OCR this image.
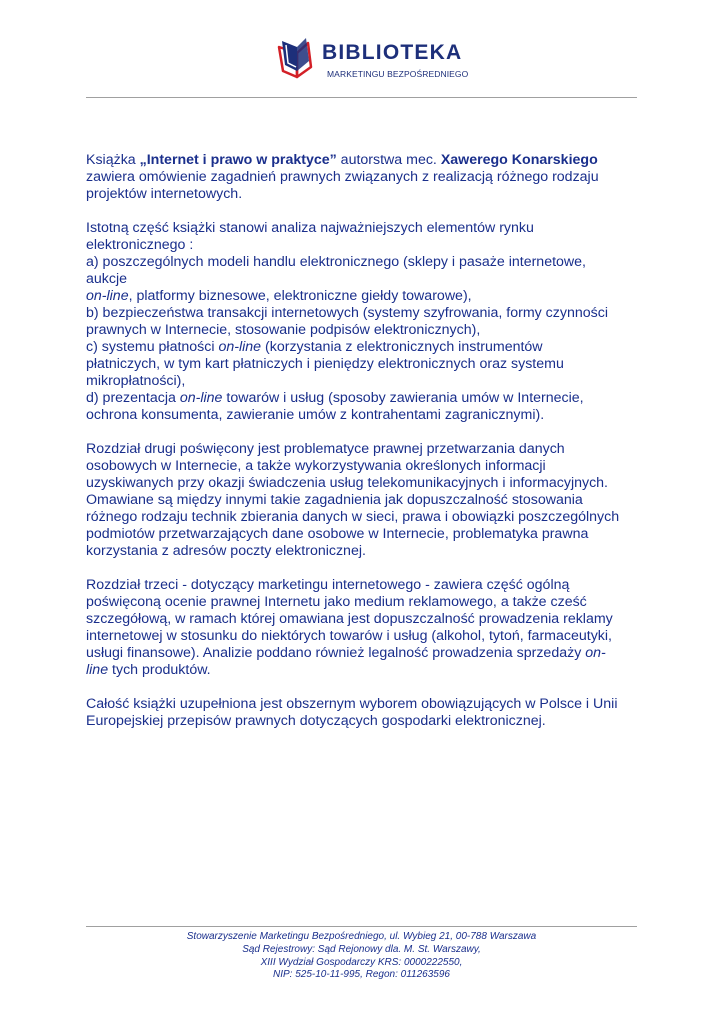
BIBLIOTEKA
MARKETINGU BEZPOŚREDNIEGO

Książka „Internet i prawo w praktyce” autorstwa mec. Xawerego Konarskiego
zawiera omówienie zagadnień prawnych związanych z realizacją różnego rodzaju
projektów internetowych.

Istotną część książki stanowi analiza najważniejszych elementów rynku
elektronicznego :
a) poszczególnych modeli handlu elektronicznego (sklepy i pasaże internetowe,
aukcje
on-line, platformy biznesowe, elektroniczne giełdy towarowe),
b) bezpieczeństwa transakcji internetowych (systemy szyfrowania, formy czynności
prawnych w Internecie, stosowanie podpisów elektronicznych),
c) systemu płatności on-line (korzystania z elektronicznych instrumentów
płatniczych, w tym kart płatniczych i pieniędzy elektronicznych oraz systemu
mikropłatności),
d) prezentacja on-line towarów i usług (sposoby zawierania umów w Internecie,
ochrona konsumenta, zawieranie umów z kontrahentami zagranicznymi).

Rozdział drugi poświęcony jest problematyce prawnej przetwarzania danych
osobowych w Internecie, a także wykorzystywania określonych informacji
uzyskiwanych przy okazji świadczenia usług telekomunikacyjnych i informacyjnych.
Omawiane są między innymi takie zagadnienia jak dopuszczalność stosowania
różnego rodzaju technik zbierania danych w sieci, prawa i obowiązki poszczególnych
podmiotów przetwarzających dane osobowe w Internecie, problematyka prawna
korzystania z adresów poczty elektronicznej.

Rozdział trzeci - dotyczący marketingu internetowego - zawiera część ogólną
poświęconą ocenie prawnej Internetu jako medium reklamowego, a także cześć
szczegółową, w ramach której omawiana jest dopuszczalność prowadzenia reklamy
internetowej w stosunku do niektórych towarów i usług (alkohol, tytoń, farmaceutyki,
usługi finansowe). Analizie poddano również legalność prowadzenia sprzedaży on-
line tych produktów.

Całość książki uzupełniona jest obszernym wyborem obowiązujących w Polsce i Unii
Europejskiej przepisów prawnych dotyczących gospodarki elektronicznej.

Stowarzyszenie Marketingu Bezpośredniego, ul. Wybieg 21, 00-788 Warszawa
Sąd Rejestrowy: Sąd Rejonowy dla. M. St. Warszawy,
XIII Wydział Gospodarczy KRS: 0000222550,
NIP: 525-10-11-995, Regon: 011263596
